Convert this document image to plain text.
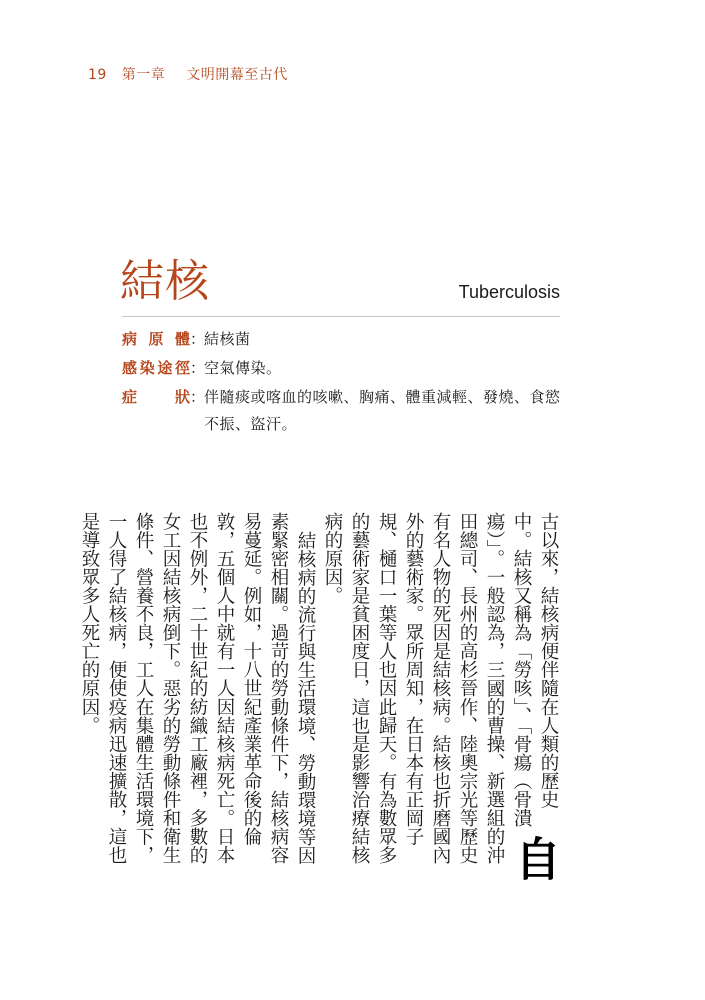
19 第一章 文明開幕至古代
結核	Tuberculosis
病 原 體 ：
結核菌
感 染 途 徑 ：
空氣傳染。
症	狀 ：
伴隨痰或喀血的咳嗽、胸痛、體重減輕、發燒、食慾不振、盜汗。

自
古以來，結核病便伴隨在人類的歷史中。結核又稱為「勞咳」、「骨瘍（骨潰瘍）」。一般認為，三國的曹操、新選組的沖田總司、長州的高杉晉作、陸奧宗光等歷史有名人物的死因是結核病。結核也折磨國內外的藝術家。眾所周知，在日本有正岡子規、樋口一葉等人也因此歸天。有為數眾多的藝術家是貧困度日，這也是影響治療結核病的原因。

結核病的流行與生活環境、勞動環境等因素緊密相關。過苛的勞動條件下，結核病容易蔓延。例如，十八世紀產業革命後的倫敦，五個人中就有一人因結核病死亡。日本也不例外，二十世紀的紡織工廠裡，多數的女工因結核病倒下。惡劣的勞動條件和衛生條件、營養不良，工人在集體生活環境下，一人得了結核病，便使疫病迅速擴散，這也是導致眾多人死亡的原因。
